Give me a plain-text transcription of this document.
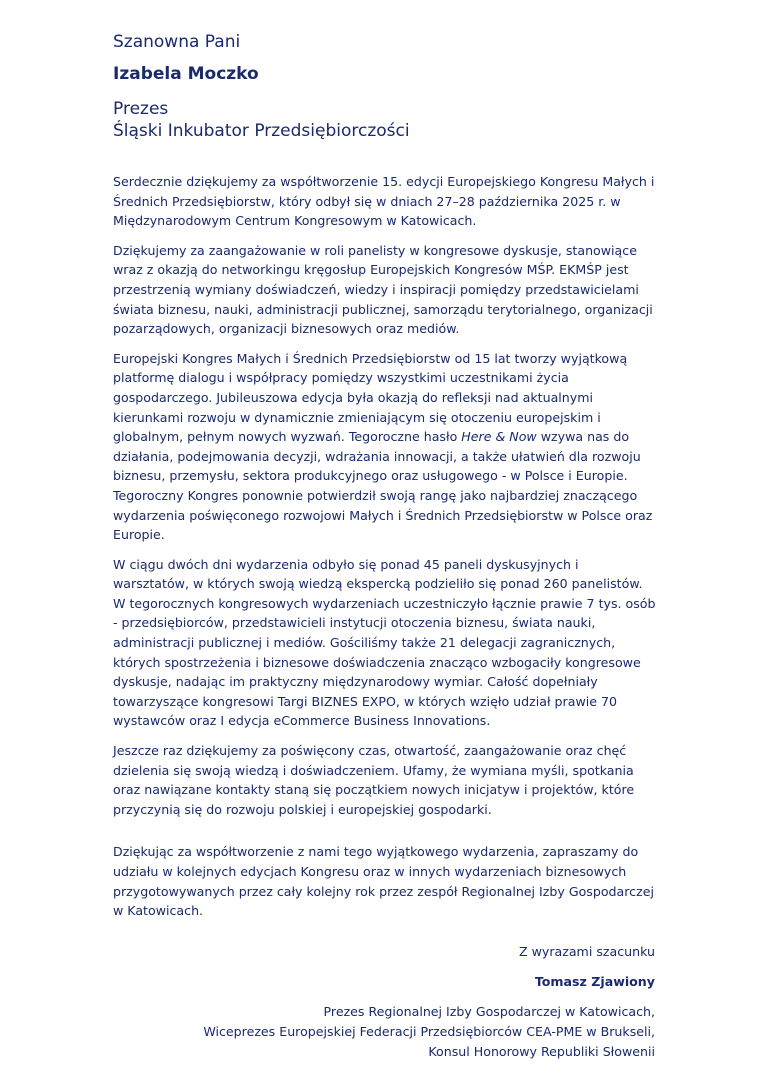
Szanowna Pani
Izabela Moczko
Prezes
Śląski Inkubator Przedsiębiorczości

Serdecznie dziękujemy za współtworzenie 15. edycji Europejskiego Kongresu Małych i Średnich Przedsiębiorstw, który odbył się w dniach 27–28 października 2025 r. w Międzynarodowym Centrum Kongresowym w Katowicach.

Dziękujemy za zaangażowanie w roli panelisty w kongresowe dyskusje, stanowiące wraz z okazją do networkingu kręgosłup Europejskich Kongresów MŚP. EKMŚP jest przestrzenią wymiany doświadczeń, wiedzy i inspiracji pomiędzy przedstawicielami świata biznesu, nauki, administracji publicznej, samorządu terytorialnego, organizacji pozarządowych, organizacji biznesowych oraz mediów.

Europejski Kongres Małych i Średnich Przedsiębiorstw od 15 lat tworzy wyjątkową platformę dialogu i współpracy pomiędzy wszystkimi uczestnikami życia gospodarczego. Jubileuszowa edycja była okazją do refleksji nad aktualnymi kierunkami rozwoju w dynamicznie zmieniającym się otoczeniu europejskim i globalnym, pełnym nowych wyzwań. Tegoroczne hasło Here & Now wzywa nas do działania, podejmowania decyzji, wdrażania innowacji, a także ułatwień dla rozwoju biznesu, przemysłu, sektora produkcyjnego oraz usługowego - w Polsce i Europie. Tegoroczny Kongres ponownie potwierdził swoją rangę jako najbardziej znaczącego wydarzenia poświęconego rozwojowi Małych i Średnich Przedsiębiorstw w Polsce oraz Europie.

W ciągu dwóch dni wydarzenia odbyło się ponad 45 paneli dyskusyjnych i warsztatów, w których swoją wiedzą ekspercką podzieliło się ponad 260 panelistów.
W tegorocznych kongresowych wydarzeniach uczestniczyło łącznie prawie 7 tys. osób - przedsiębiorców, przedstawicieli instytucji otoczenia biznesu, świata nauki, administracji publicznej i mediów. Gościliśmy także 21 delegacji zagranicznych, których spostrzeżenia i biznesowe doświadczenia znacząco wzbogaciły kongresowe dyskusje, nadając im praktyczny międzynarodowy wymiar. Całość dopełniały towarzyszące kongresowi Targi BIZNES EXPO, w których wzięło udział prawie 70 wystawców oraz I edycja eCommerce Business Innovations.

Jeszcze raz dziękujemy za poświęcony czas, otwartość, zaangażowanie oraz chęć dzielenia się swoją wiedzą i doświadczeniem. Ufamy, że wymiana myśli, spotkania oraz nawiązane kontakty staną się początkiem nowych inicjatyw i projektów, które przyczynią się do rozwoju polskiej i europejskiej gospodarki.

Dziękując za współtworzenie z nami tego wyjątkowego wydarzenia, zapraszamy do udziału w kolejnych edycjach Kongresu oraz w innych wydarzeniach biznesowych przygotowywanych przez cały kolejny rok przez zespół Regionalnej Izby Gospodarczej w Katowicach.

Z wyrazami szacunku
Tomasz Zjawiony
Prezes Regionalnej Izby Gospodarczej w Katowicach,
Wiceprezes Europejskiej Federacji Przedsiębiorców CEA-PME w Brukseli,
Konsul Honorowy Republiki Słowenii
